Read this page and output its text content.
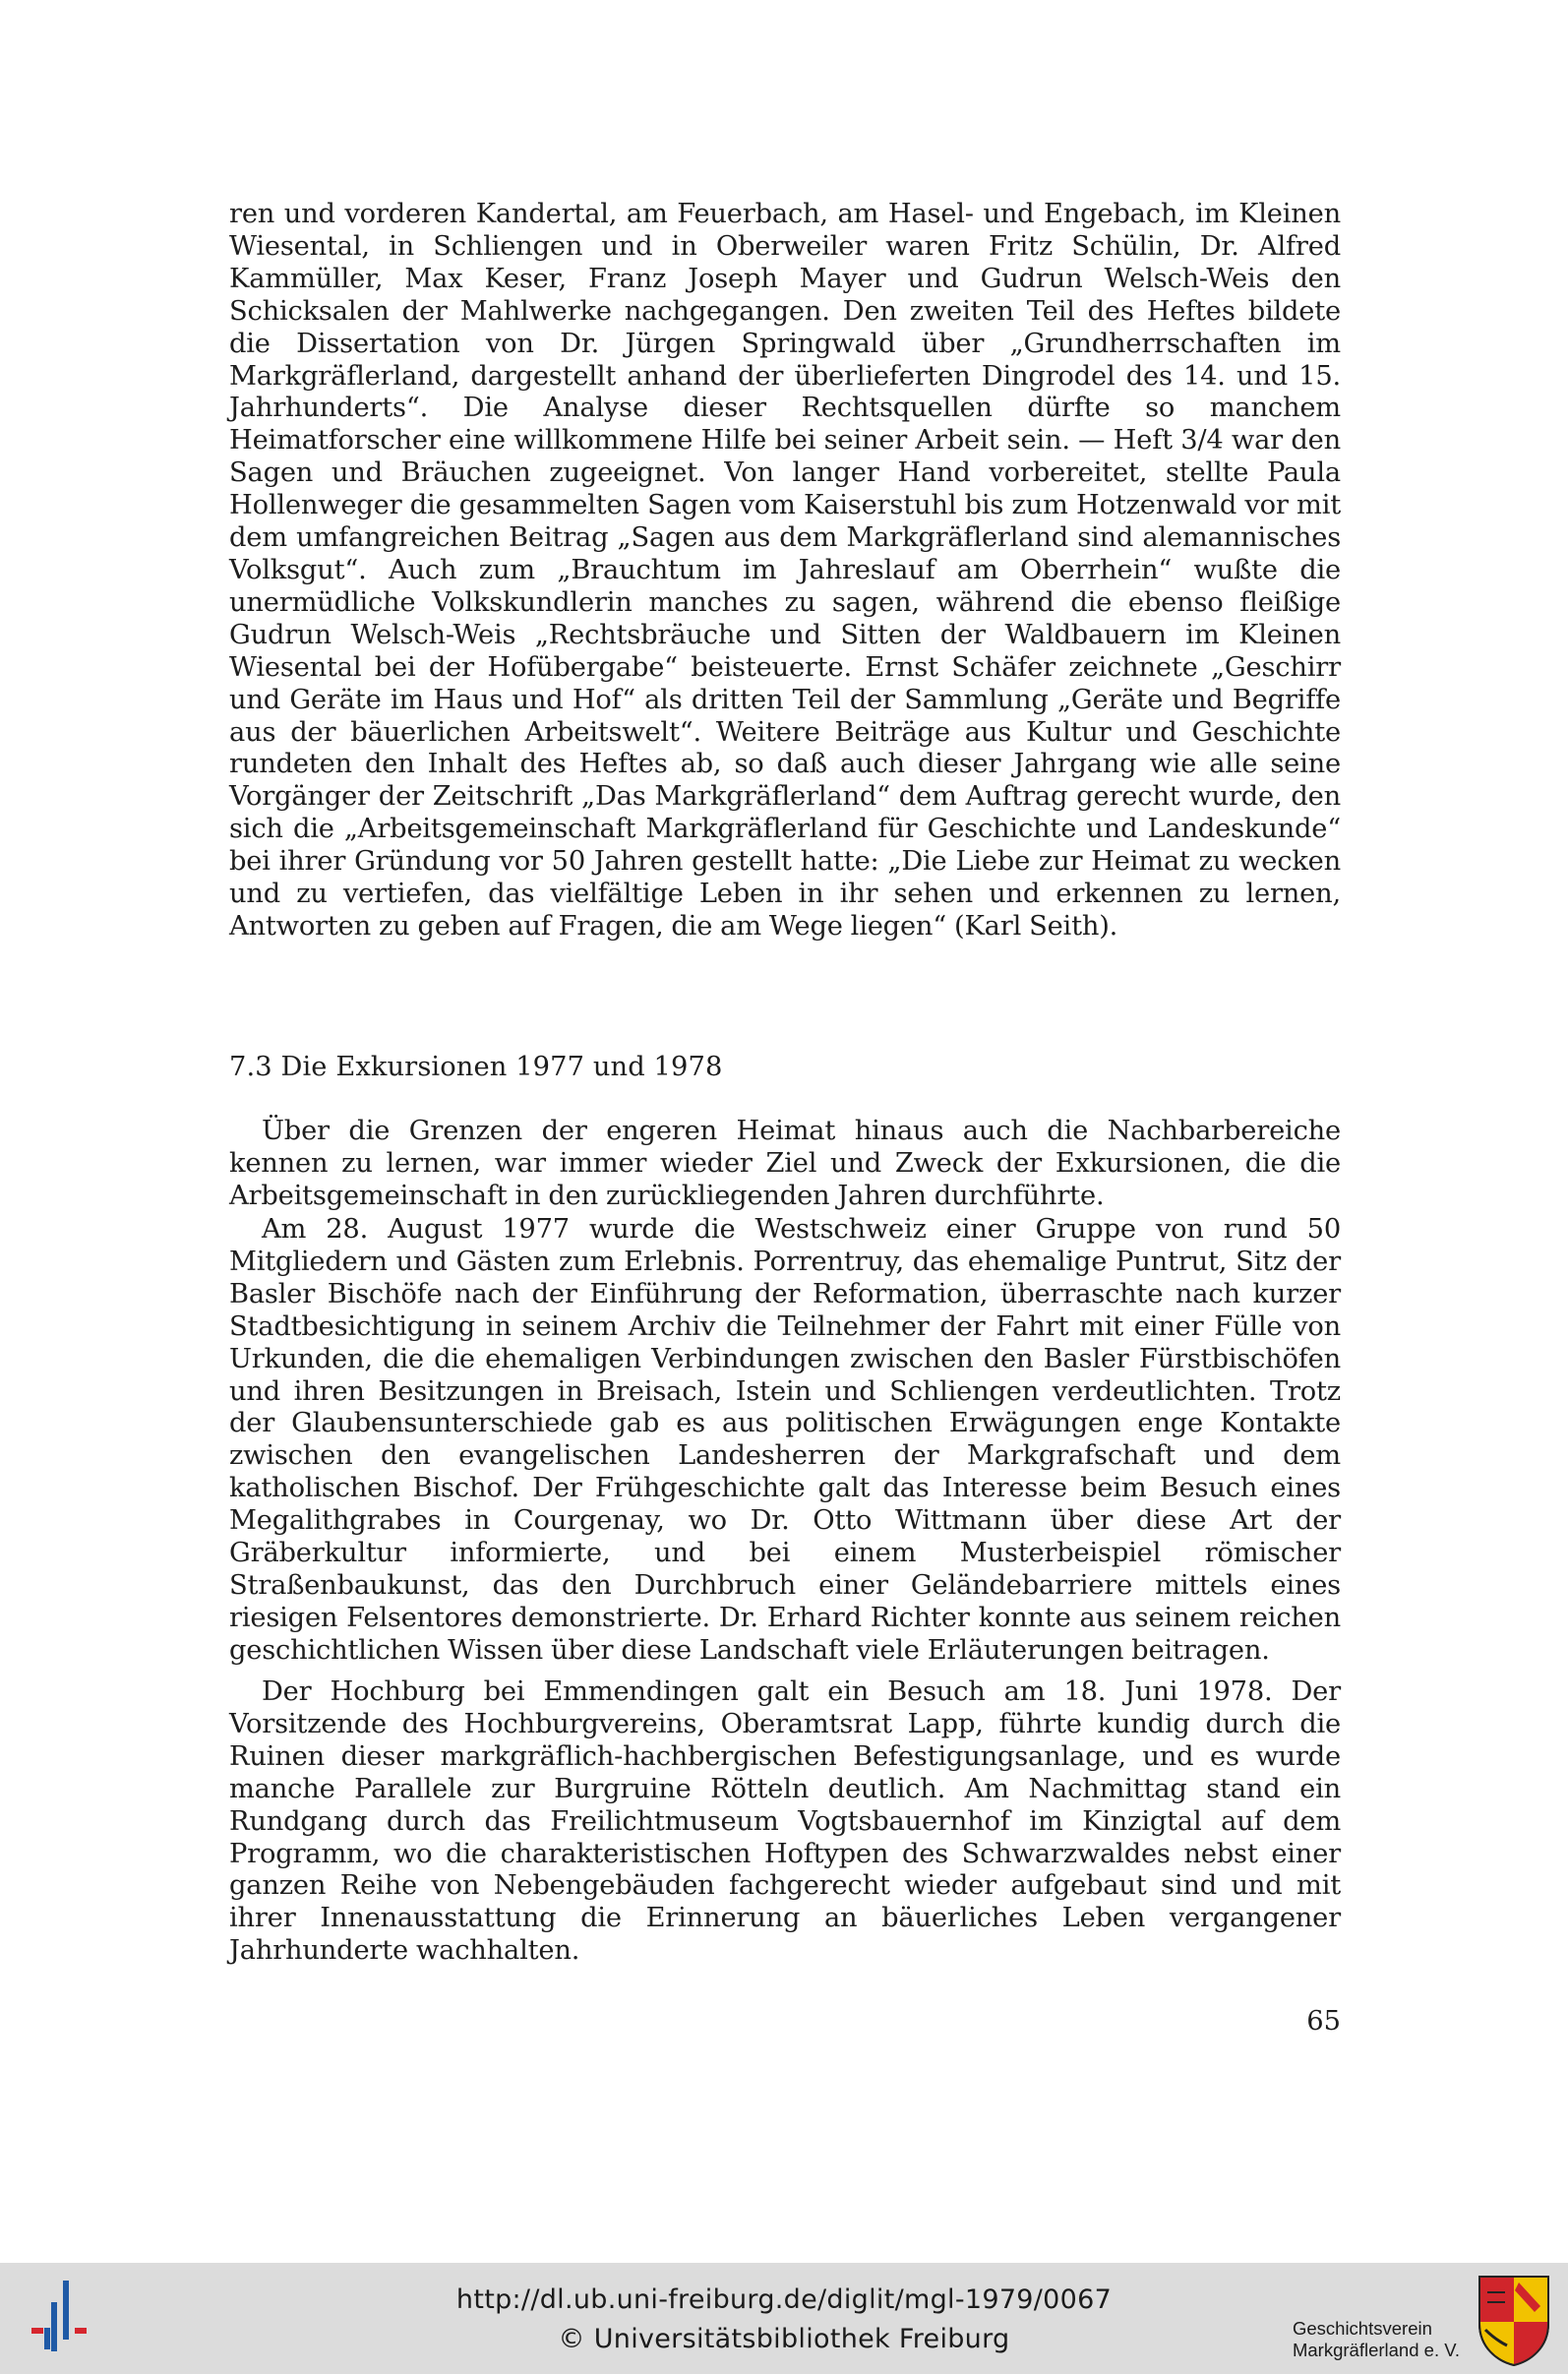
ren und vorderen Kandertal, am Feuerbach, am Hasel- und Engebach, im Kleinen Wiesental, in Schliengen und in Oberweiler waren Fritz Schülin, Dr. Alfred Kammüller, Max Keser, Franz Joseph Mayer und Gudrun Welsch-Weis den Schicksalen der Mahlwerke nachgegangen. Den zweiten Teil des Heftes bildete die Dissertation von Dr. Jürgen Springwald über „Grundherrschaften im Markgräflerland, dargestellt anhand der überlieferten Dingrodel des 14. und 15. Jahrhunderts“. Die Analyse dieser Rechtsquellen dürfte so manchem Heimatforscher eine willkommene Hilfe bei seiner Arbeit sein. — Heft 3/4 war den Sagen und Bräuchen zugeeignet. Von langer Hand vorbereitet, stellte Paula Hollenweger die gesammelten Sagen vom Kaiserstuhl bis zum Hotzenwald vor mit dem umfangreichen Beitrag „Sagen aus dem Markgräflerland sind alemannisches Volksgut“. Auch zum „Brauchtum im Jahreslauf am Oberrhein“ wußte die unermüdliche Volkskundlerin manches zu sagen, während die ebenso fleißige Gudrun Welsch-Weis „Rechtsbräuche und Sitten der Waldbauern im Kleinen Wiesental bei der Hofübergabe“ beisteuerte. Ernst Schäfer zeichnete „Geschirr und Geräte im Haus und Hof“ als dritten Teil der Sammlung „Geräte und Begriffe aus der bäuerlichen Arbeitswelt“. Weitere Beiträge aus Kultur und Geschichte rundeten den Inhalt des Heftes ab, so daß auch dieser Jahrgang wie alle seine Vorgänger der Zeitschrift „Das Markgräflerland“ dem Auftrag gerecht wurde, den sich die „Arbeitsgemeinschaft Markgräflerland für Geschichte und Landeskunde“ bei ihrer Gründung vor 50 Jahren gestellt hatte: „Die Liebe zur Heimat zu wecken und zu vertiefen, das vielfältige Leben in ihr sehen und erkennen zu lernen, Antworten zu geben auf Fragen, die am Wege liegen“ (Karl Seith).

7.3 Die Exkursionen 1977 und 1978

Über die Grenzen der engeren Heimat hinaus auch die Nachbarbereiche kennen zu lernen, war immer wieder Ziel und Zweck der Exkursionen, die die Arbeitsgemeinschaft in den zurückliegenden Jahren durchführte.

Am 28. August 1977 wurde die Westschweiz einer Gruppe von rund 50 Mitgliedern und Gästen zum Erlebnis. Porrentruy, das ehemalige Puntrut, Sitz der Basler Bischöfe nach der Einführung der Reformation, überraschte nach kurzer Stadtbesichtigung in seinem Archiv die Teilnehmer der Fahrt mit einer Fülle von Urkunden, die die ehemaligen Verbindungen zwischen den Basler Fürstbischöfen und ihren Besitzungen in Breisach, Istein und Schliengen verdeutlichten. Trotz der Glaubensunterschiede gab es aus politischen Erwägungen enge Kontakte zwischen den evangelischen Landesherren der Markgrafschaft und dem katholischen Bischof. Der Frühgeschichte galt das Interesse beim Besuch eines Megalithgrabes in Courgenay, wo Dr. Otto Wittmann über diese Art der Gräberkultur informierte, und bei einem Musterbeispiel römischer Straßenbaukunst, das den Durchbruch einer Geländebarriere mittels eines riesigen Felsentores demonstrierte. Dr. Erhard Richter konnte aus seinem reichen geschichtlichen Wissen über diese Landschaft viele Erläuterungen beitragen.

Der Hochburg bei Emmendingen galt ein Besuch am 18. Juni 1978. Der Vorsitzende des Hochburgvereins, Oberamtsrat Lapp, führte kundig durch die Ruinen dieser markgräflich-hachbergischen Befestigungsanlage, und es wurde manche Parallele zur Burgruine Rötteln deutlich. Am Nachmittag stand ein Rundgang durch das Freilichtmuseum Vogtsbauernhof im Kinzigtal auf dem Programm, wo die charakteristischen Hoftypen des Schwarzwaldes nebst einer ganzen Reihe von Nebengebäuden fachgerecht wieder aufgebaut sind und mit ihrer Innenausstattung die Erinnerung an bäuerliches Leben vergangener Jahrhunderte wachhalten.

65
http://dl.ub.uni-freiburg.de/diglit/mgl-1979/0067
© Universitätsbibliothek Freiburg	Geschichtsverein
Markgräflerland e. V.
